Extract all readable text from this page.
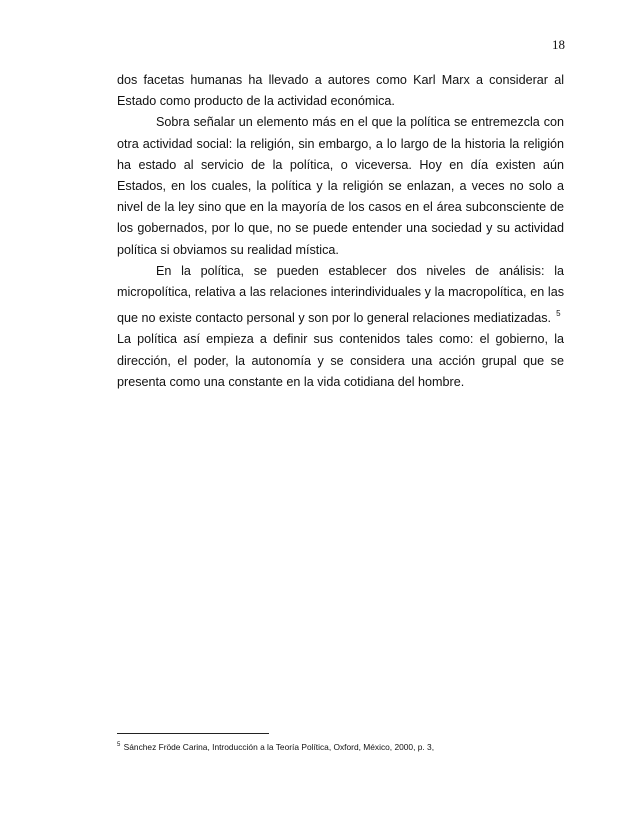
18

dos facetas humanas ha llevado a autores como Karl Marx a considerar al Estado como producto de la actividad económica.

Sobra señalar un elemento más en el que la política se entremezcla con otra actividad social: la religión, sin embargo, a lo largo de la historia la religión ha estado al servicio de la política, o viceversa. Hoy en día existen aún Estados, en los cuales, la política y la religión se enlazan, a veces no solo a nivel de la ley sino que en la mayoría de los casos en el área subconsciente de los gobernados, por lo que, no se puede entender una sociedad y su actividad política si obviamos su realidad mística.

En la política, se pueden establecer dos niveles de análisis: la micropolítica, relativa a las relaciones interindividuales y la macropolítica, en las que no existe contacto personal y son por lo general relaciones mediatizadas. $^5$

La política así empieza a definir sus contenidos tales como: el gobierno, la dirección, el poder, la autonomía y se considera una acción grupal que se presenta como una constante en la vida cotidiana del hombre.

$^5$ Sánchez Fröde Carina, Introducción a la Teoría Política, Oxford, México, 2000, p. 3,
